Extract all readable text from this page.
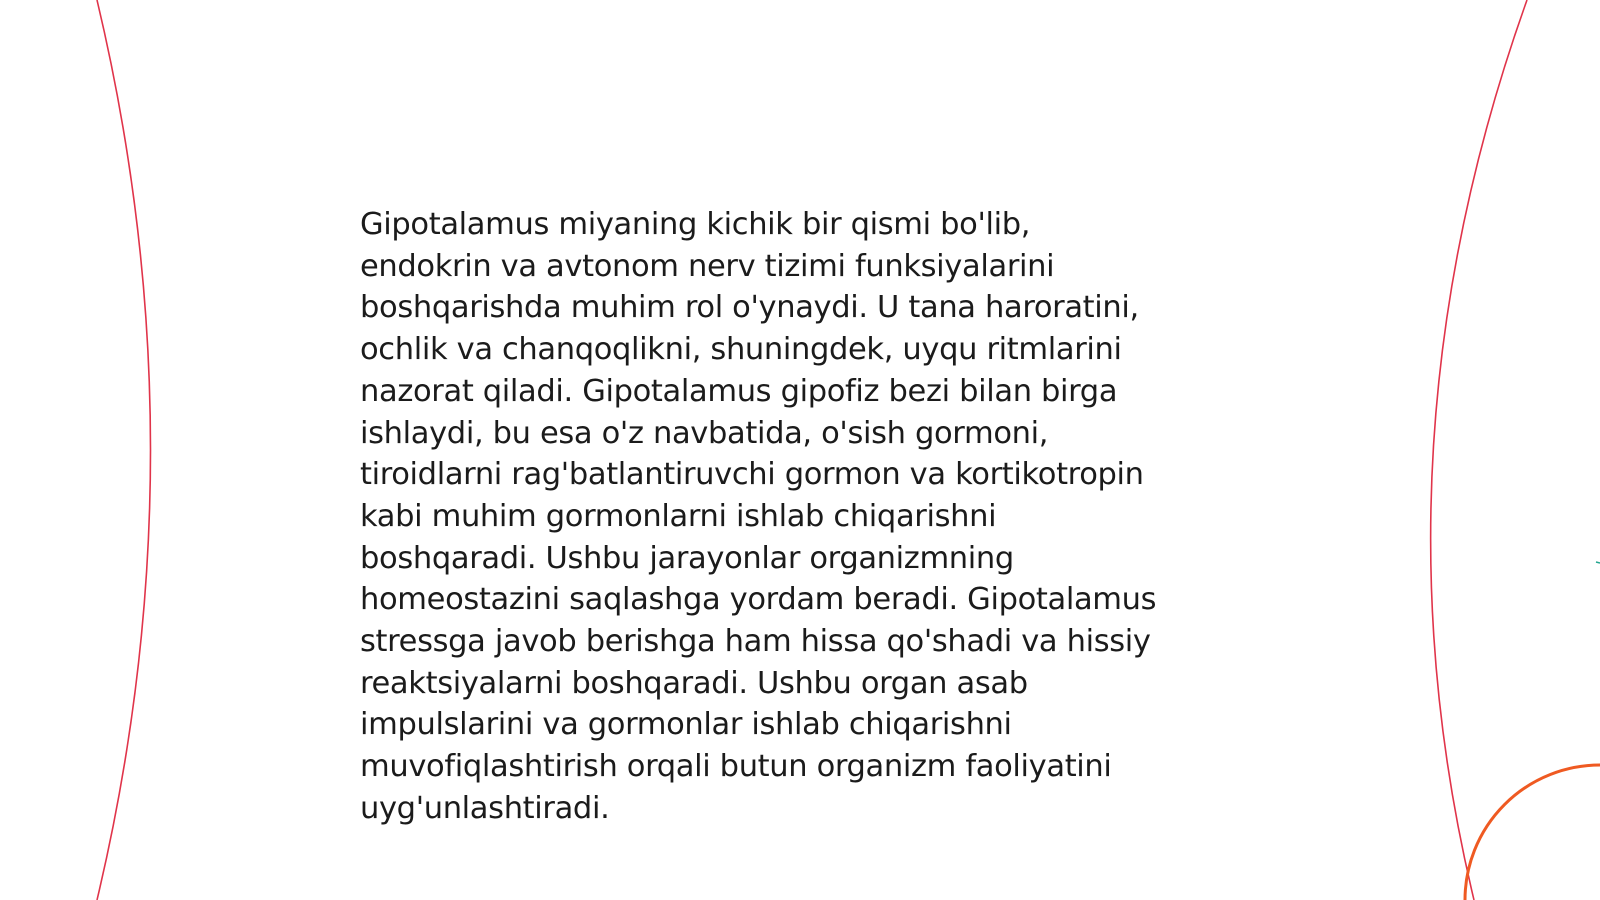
Gipotalamus miyaning kichik bir qismi bo'lib,
endokrin va avtonom nerv tizimi funksiyalarini
boshqarishda muhim rol o'ynaydi. U tana haroratini,
ochlik va chanqoqlikni, shuningdek, uyqu ritmlarini
nazorat qiladi. Gipotalamus gipofiz bezi bilan birga
ishlaydi, bu esa o'z navbatida, o'sish gormoni,
tiroidlarni rag'batlantiruvchi gormon va kortikotropin
kabi muhim gormonlarni ishlab chiqarishni
boshqaradi. Ushbu jarayonlar organizmning
homeostazini saqlashga yordam beradi. Gipotalamus
stressga javob berishga ham hissa qo'shadi va hissiy
reaktsiyalarni boshqaradi. Ushbu organ asab
impulslarini va gormonlar ishlab chiqarishni
muvofiqlashtirish orqali butun organizm faoliyatini
uyg'unlashtiradi.
